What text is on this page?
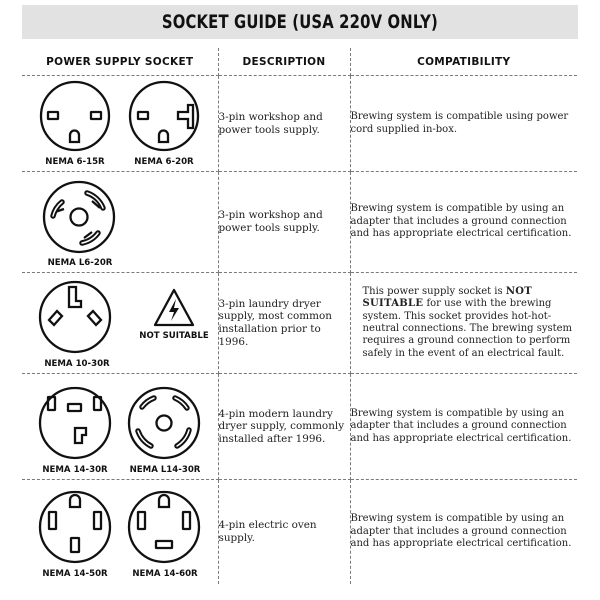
SOCKET GUIDE (USA 220V ONLY)
POWER SUPPLY SOCKET	DESCRIPTION	COMPATIBILITY

NEMA 6-15R NEMA 6-20R	3-pin workshop and power tools supply.	Brewing system is compatible using power cord supplied in-box.

NEMA L6-20R	3-pin workshop and power tools supply.	Brewing system is compatible by using an adapter that includes a ground connection and has appropriate electrical certification.

NOT SUITABLE
NEMA 10-30R	3-pin laundry dryer supply, most common installation prior to 1996.	This power supply socket is NOT SUITABLE for use with the brewing system. This socket provides hot-hot-neutral connections. The brewing system requires a ground connection to perform safely in the event of an electrical fault.

NEMA 14-30R NEMA L14-30R	4-pin modern laundry dryer supply, commonly installed after 1996.	Brewing system is compatible by using an adapter that includes a ground connection and has appropriate electrical certification.

NEMA 14-50R NEMA 14-60R	4-pin electric oven supply.	Brewing system is compatible by using an adapter that includes a ground connection and has appropriate electrical certification.
